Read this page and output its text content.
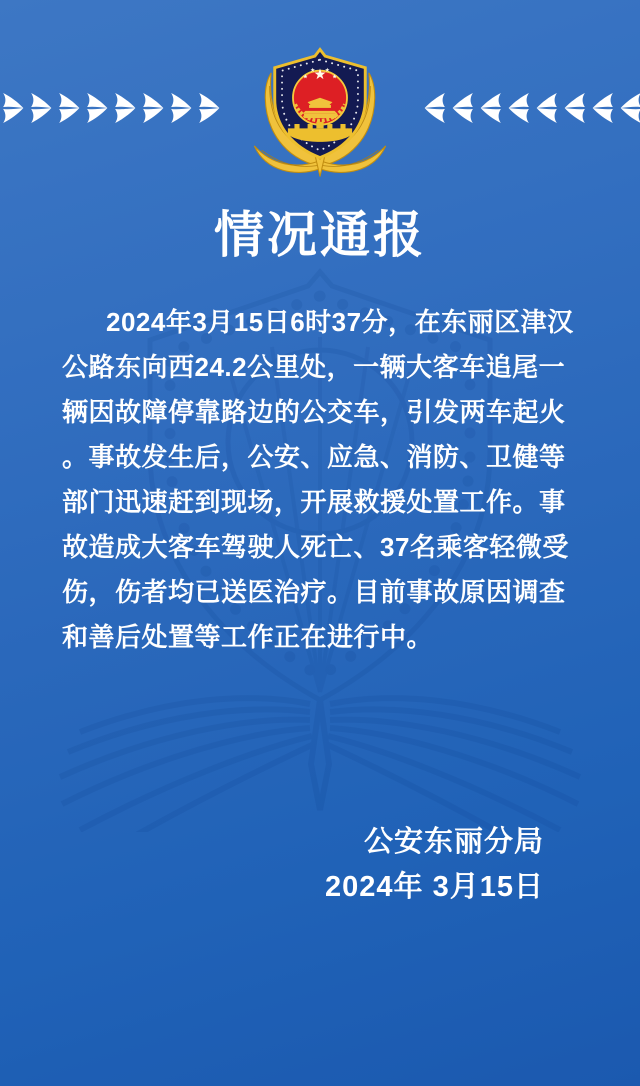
情况通报
2024年3月15日6时37分，在东丽区津汉
公路东向西24.2公里处，一辆大客车追尾一
辆因故障停靠路边的公交车，引发两车起火
。事故发生后，公安、应急、消防、卫健等
部门迅速赶到现场，开展救援处置工作。事
故造成大客车驾驶人死亡、37名乘客轻微受
伤，伤者均已送医治疗。目前事故原因调查
和善后处置等工作正在进行中。
公安东丽分局
2024年 3月15日
